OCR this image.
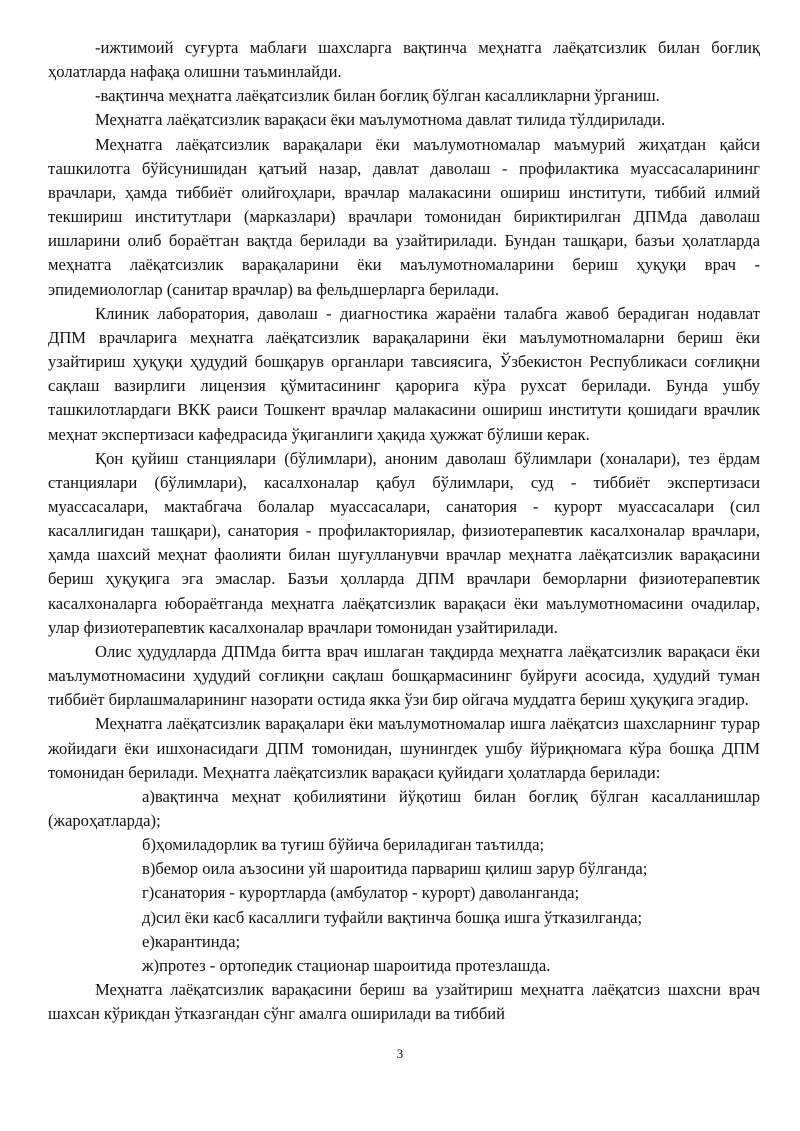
-ижтимоий суғурта маблағи шахсларга вақтинча меҳнатга лаёқатсизлик билан боғлиқ ҳолатларда нафақа олишни таъминлайди.

-вақтинча меҳнатга лаёқатсизлик билан боғлиқ бўлган касалликларни ўрганиш.

Меҳнатга лаёқатсизлик варақаси ёки маълумотнома давлат тилида тўлдирилади.

Меҳнатга лаёқатсизлик варақалари ёки маълумотномалар маъмурий жиҳатдан қайси ташкилотга бўйсунишидан қатъий назар, давлат даволаш - профилактика муассасаларининг врачлари, ҳамда тиббиёт олийгоҳлари, врачлар малакасини ошириш институти, тиббий илмий текшириш институтлари (марказлари) врачлари томонидан бириктирилган ДПМда даволаш ишларини олиб бораётган вақтда берилади ва узайтирилади. Бундан ташқари, базъи ҳолатларда меҳнатга лаёқатсизлик варақаларини ёки маълумотномаларини бериш ҳуқуқи врач - эпидемиологлар (санитар врачлар) ва фельдшерларга берилади.

Клиник лаборатория, даволаш - диагностика жараёни талабга жавоб берадиган нодавлат ДПМ врачларига меҳнатга лаёқатсизлик варақаларини ёки маълумотномаларни бериш ёки узайтириш ҳуқуқи ҳудудий бошқарув органлари тавсиясига, Ўзбекистон Республикаси соғлиқни сақлаш вазирлиги лицензия қўмитасининг қарорига кўра рухсат берилади. Бунда ушбу ташкилотлардаги ВКК раиси Тошкент врачлар малакасини ошириш институти қошидаги врачлик меҳнат экспертизаси кафедрасида ўқиганлиги ҳақида ҳужжат бўлиши керак.

Қон қуйиш станциялари (бўлимлари), аноним даволаш бўлимлари (хоналари), тез ёрдам станциялари (бўлимлари), касалхоналар қабул бўлимлари, суд - тиббиёт экспертизаси муассасалари, мактабгача болалар муассасалари, санатория - курорт муассасалари (сил касаллигидан ташқари), санатория - профилакториялар, физиотерапевтик касалхоналар врачлари, ҳамда шахсий меҳнат фаолияти билан шуғулланувчи врачлар меҳнатга лаёқатсизлик варақасини бериш ҳуқуқига эга эмаслар. Базъи ҳолларда ДПМ врачлари беморларни физиотерапевтик касалхоналарга юбораётганда меҳнатга лаёқатсизлик варақаси ёки маълумотномасини очадилар, улар физиотерапевтик касалхоналар врачлари томонидан узайтирилади.

Олис ҳудудларда ДПМда битта врач ишлаган тақдирда меҳнатга лаёқатсизлик варақаси ёки маълумотномасини ҳудудий соғлиқни сақлаш бошқармасининг буйруғи асосида, ҳудудий туман тиббиёт бирлашмаларининг назорати остида якка ўзи бир ойгача муддатга бериш ҳуқуқига эгадир.

Меҳнатга лаёқатсизлик варақалари ёки маълумотномалар ишга лаёқатсиз шахсларнинг турар жойидаги ёки ишхонасидаги ДПМ томонидан, шунингдек ушбу йўриқномага кўра бошқа ДПМ томонидан берилади. Меҳнатга лаёқатсизлик варақаси қуйидаги ҳолатларда берилади:

а)вақтинча меҳнат қобилиятини йўқотиш билан боғлиқ бўлган касалланишлар (жароҳатларда);

б)ҳомиладорлик ва туғиш бўйича бериладиган таътилда;

в)бемор оила аъзосини уй шароитида парвариш қилиш зарур бўлганда;

г)санатория - курортларда (амбулатор - курорт) даволанганда;

д)сил ёки касб касаллиги туфайли вақтинча бошқа ишга ўтказилганда;

е)карантинда;

ж)протез - ортопедик стационар шароитида протезлашда.

Меҳнатга лаёқатсизлик варақасини бериш ва узайтириш меҳнатга лаёқатсиз шахсни врач шахсан кўрикдан ўтказгандан сўнг амалга оширилади ва тиббий

3
